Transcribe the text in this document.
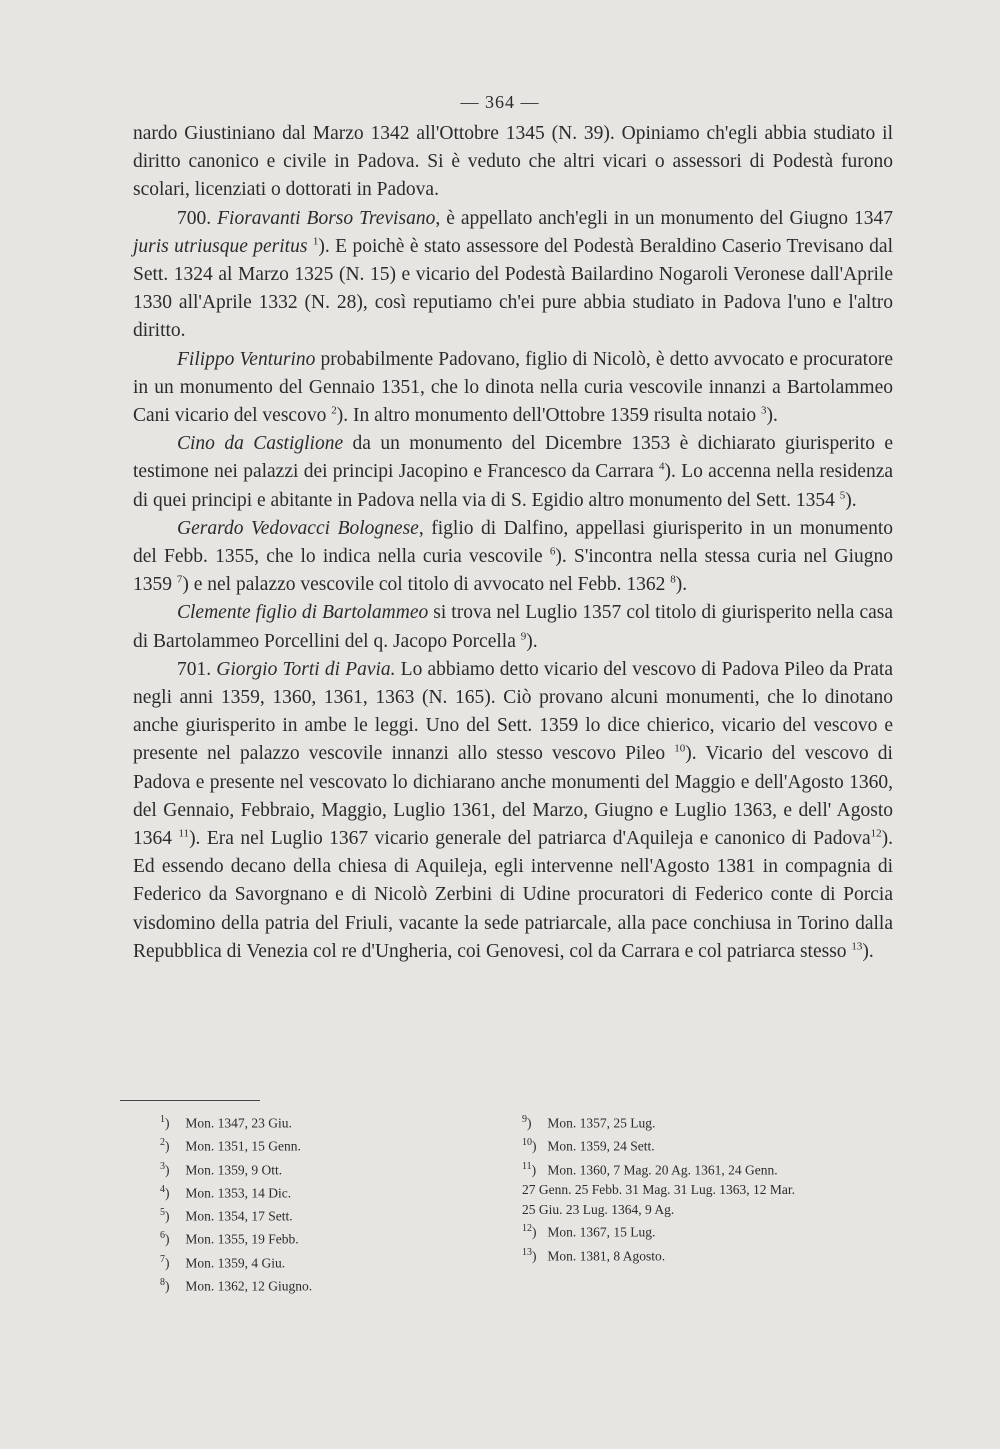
— 364 —

nardo Giustiniano dal Marzo 1342 all'Ottobre 1345 (N. 39). Opiniamo ch'egli abbia studiato il diritto canonico e civile in Padova. Si è veduto che altri vicari o assessori di Podestà furono scolari, licenziati o dottorati in Padova.

700. Fioravanti Borso Trevisano, è appellato anch'egli in un monumento del Giugno 1347 juris utriusque peritus $^1$). E poichè è stato assessore del Podestà Beraldino Caserio Trevisano dal Sett. 1324 al Marzo 1325 (N. 15) e vicario del Podestà Bailardino Nogaroli Veronese dall'Aprile 1330 all'Aprile 1332 (N. 28), così reputiamo ch'ei pure abbia studiato in Padova l'uno e l'altro diritto.

Filippo Venturino probabilmente Padovano, figlio di Nicolò, è detto avvocato e procuratore in un monumento del Gennaio 1351, che lo dinota nella curia vescovile innanzi a Bartolammeo Cani vicario del vescovo $^2$). In altro monumento dell'Ottobre 1359 risulta notaio $^3$).

Cino da Castiglione da un monumento del Dicembre 1353 è dichiarato giurisperito e testimone nei palazzi dei principi Jacopino e Francesco da Carrara $^4$). Lo accenna nella residenza di quei principi e abitante in Padova nella via di S. Egidio altro monumento del Sett. 1354 $^5$).

Gerardo Vedovacci Bolognese, figlio di Dalfino, appellasi giurisperito in un monumento del Febb. 1355, che lo indica nella curia vescovile $^6$). S'incontra nella stessa curia nel Giugno 1359 $^7$) e nel palazzo vescovile col titolo di avvocato nel Febb. 1362 $^8$).

Clemente figlio di Bartolammeo si trova nel Luglio 1357 col titolo di giurisperito nella casa di Bartolammeo Porcellini del q. Jacopo Porcella $^9$).

701. Giorgio Torti di Pavia. Lo abbiamo detto vicario del vescovo di Padova Pileo da Prata negli anni 1359, 1360, 1361, 1363 (N. 165). Ciò provano alcuni monumenti, che lo dinotano anche giurisperito in ambe le leggi. Uno del Sett. 1359 lo dice chierico, vicario del vescovo e presente nel palazzo vescovile innanzi allo stesso vescovo Pileo $^{10}$). Vicario del vescovo di Padova e presente nel vescovato lo dichiarano anche monumenti del Maggio e dell'Agosto 1360, del Gennaio, Febbraio, Maggio, Luglio 1361, del Marzo, Giugno e Luglio 1363, e dell' Agosto 1364 $^{11}$). Era nel Luglio 1367 vicario generale del patriarca d'Aquileja e canonico di Padova$^{12}$). Ed essendo decano della chiesa di Aquileja, egli intervenne nell'Agosto 1381 in compagnia di Federico da Savorgnano e di Nicolò Zerbini di Udine procuratori di Federico conte di Porcia visdomino della patria del Friuli, vacante la sede patriarcale, alla pace conchiusa in Torino dalla Repubblica di Venezia col re d'Ungheria, coi Genovesi, col da Carrara e col patriarca stesso $^{13}$).

$^1$) Mon. 1347, 23 Giu.
$^2$) Mon. 1351, 15 Genn.
$^3$) Mon. 1359, 9 Ott.
$^4$) Mon. 1353, 14 Dic.
$^5$) Mon. 1354, 17 Sett.
$^6$) Mon. 1355, 19 Febb.
$^7$) Mon. 1359, 4 Giu.
$^8$) Mon. 1362, 12 Giugno.
$^9$) Mon. 1357, 25 Lug.
$^{10}$) Mon. 1359, 24 Sett.
$^{11}$) Mon. 1360, 7 Mag. 20 Ag. 1361, 24 Genn.
27 Genn. 25 Febb. 31 Mag. 31 Lug. 1363, 12 Mar.
25 Giu. 23 Lug. 1364, 9 Ag.
$^{12}$) Mon. 1367, 15 Lug.
$^{13}$) Mon. 1381, 8 Agosto.
